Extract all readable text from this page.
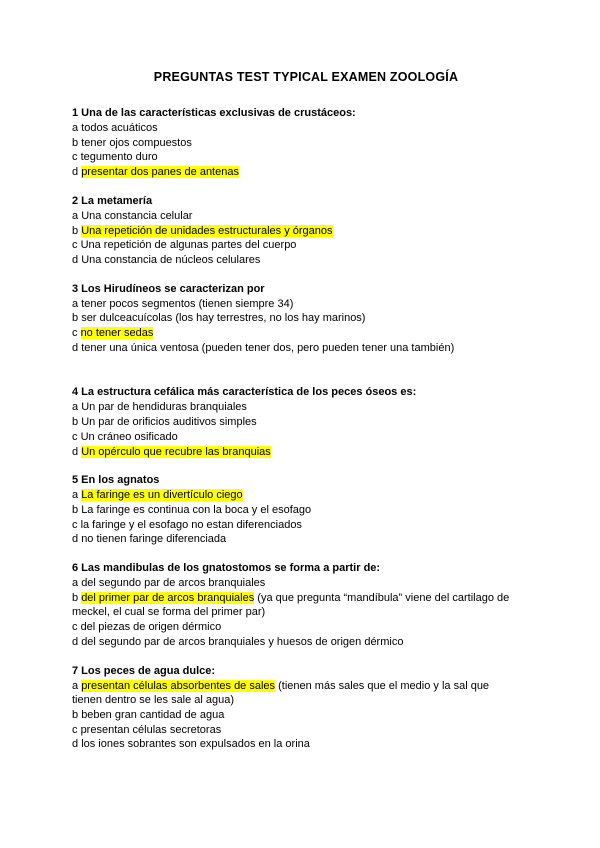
PREGUNTAS TEST TYPICAL EXAMEN ZOOLOGÍA

1 Una de las características exclusivas de crustáceos:

a todos acuáticos

b tener ojos compuestos

c tegumento duro

d presentar dos panes de antenas

2 La metamería

a Una constancia celular

b Una repetición de unidades estructurales y órganos

c Una repetición de algunas partes del cuerpo

d Una constancia de núcleos celulares

3 Los Hirudíneos se caracterizan por

a tener pocos segmentos (tienen siempre 34)

b ser dulceacuícolas (los hay terrestres, no los hay marinos)

c no tener sedas

d tener una única ventosa (pueden tener dos, pero pueden tener una también)

4 La estructura cefálica más característica de los peces óseos es:

a Un par de hendiduras branquiales

b Un par de orificios auditivos simples

c Un cráneo osificado

d Un opérculo que recubre las branquias

5 En los agnatos

a La faringe es un divertículo ciego

b La faringe es continua con la boca y el esofago

c la faringe y el esofago no estan diferenciados

d no tienen faringe diferenciada

6 Las mandibulas de los gnatostomos se forma a partir de:

a del segundo par de arcos branquiales

b del primer par de arcos branquiales (ya que pregunta “mandíbula” viene del cartilago de meckel, el cual se forma del primer par)

c del piezas de origen dérmico

d del segundo par de arcos branquiales y huesos de origen dérmico

7 Los peces de agua dulce:

a presentan células absorbentes de sales (tienen más sales que el medio y la sal que tienen dentro se les sale al agua)

b beben gran cantidad de agua

c presentan células secretoras

d los iones sobrantes son expulsados en la orina
